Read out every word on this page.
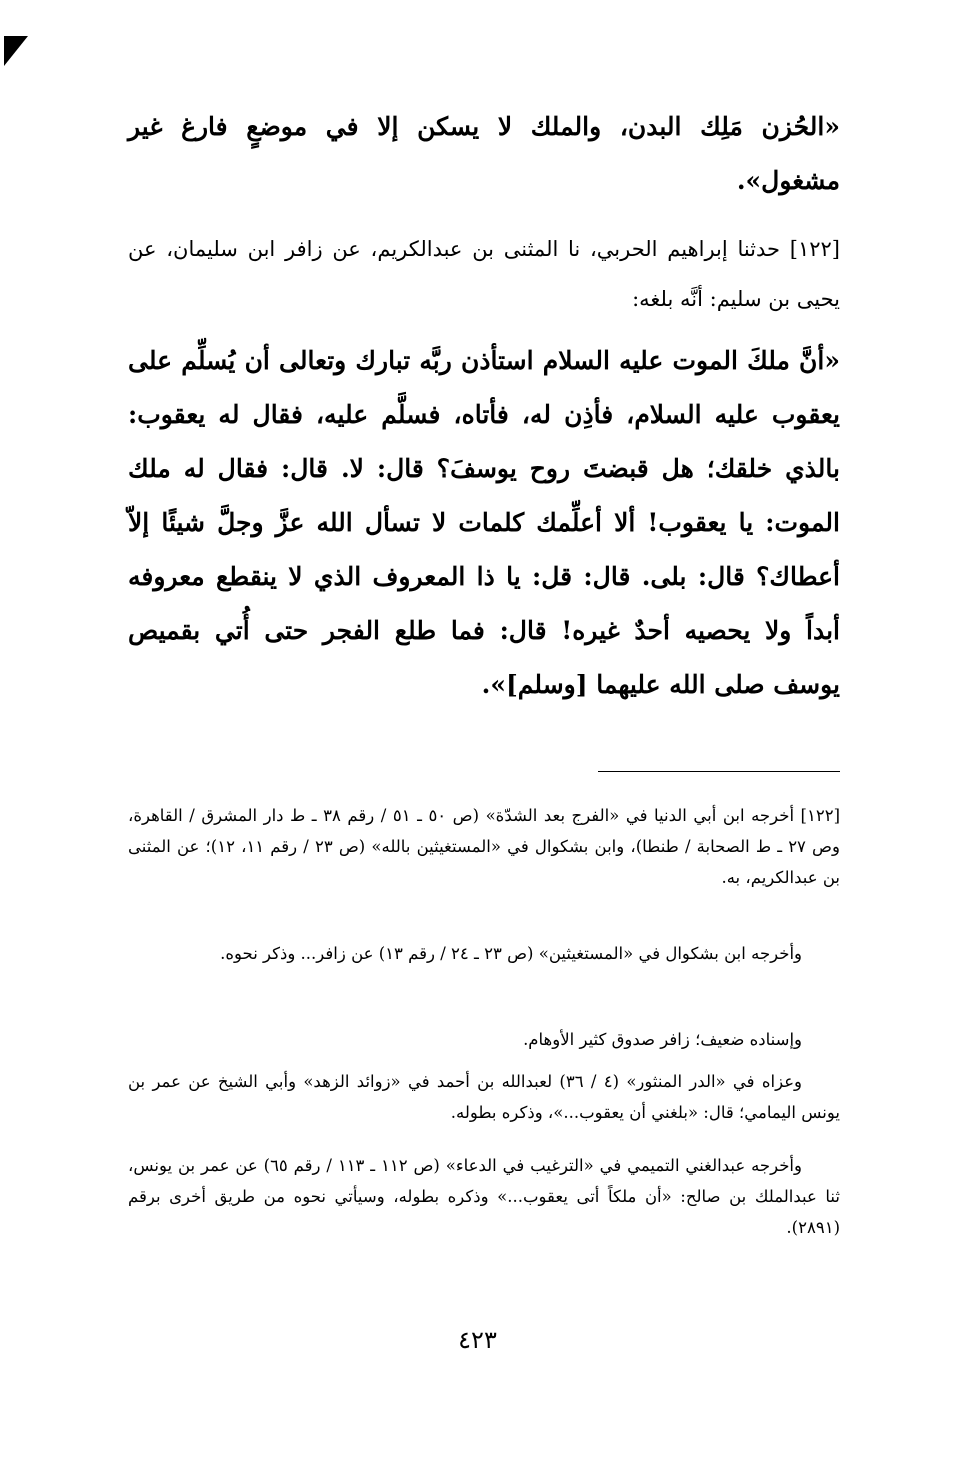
«الحُزن مَلِك البدن، والملك لا يسكن إلا في موضعٍ فارغ غير مشغول».
[١٢٢] حدثنا إبراهيم الحربي، نا المثنى بن عبدالكريم، عن زافر ابن سليمان، عن يحيى بن سليم: أنَّه بلغه:
«أنَّ ملكَ الموت عليه السلام استأذن ربَّه تبارك وتعالى أن يُسلِّم على يعقوب عليه السلام، فأذِن له، فأتاه، فسلَّم عليه، فقال له يعقوب: بالذي خلقك؛ هل قبضتَ روح يوسفَ؟ قال: لا. قال: فقال له ملك الموت: يا يعقوب! ألا أعلِّمك كلمات لا تسأل الله عزَّ وجلَّ شيئًا إلاّ أعطاك؟ قال: بلى. قال: قل: يا ذا المعروف الذي لا ينقطع معروفه أبداً ولا يحصيه أحدٌ غيره! قال: فما طلع الفجر حتى أُتي بقميص يوسف صلى الله عليهما [وسلم]».
[١٢٢] أخرجه ابن أبي الدنيا في «الفرج بعد الشدّة» (ص ٥٠ ـ ٥١ / رقم ٣٨ ـ ط دار المشرق / القاهرة، وص ٢٧ ـ ط الصحابة / طنطا)، وابن بشكوال في «المستغيثين بالله» (ص ٢٣ / رقم ١١، ١٢)؛ عن المثنى بن عبدالكريم، به.
وأخرجه ابن بشكوال في «المستغيثين» (ص ٢٣ ـ ٢٤ / رقم ١٣) عن زافر... وذكر نحوه.
وإسناده ضعيف؛ زافر صدوق كثير الأوهام.
وعزاه في «الدر المنثور» (٤ / ٣٦) لعبدالله بن أحمد في «زوائد الزهد» وأبي الشيخ عن عمر بن يونس اليمامي؛ قال: «بلغني أن يعقوب...»، وذكره بطوله.
وأخرجه عبدالغني التميمي في «الترغيب في الدعاء» (ص ١١٢ ـ ١١٣ / رقم ٦٥) عن عمر بن يونس، ثنا عبدالملك بن صالح: «أن ملكاً أتى يعقوب...» وذكره بطوله، وسيأتي نحوه من طريق أخرى برقم (٢٨٩١).
٤٢٣
